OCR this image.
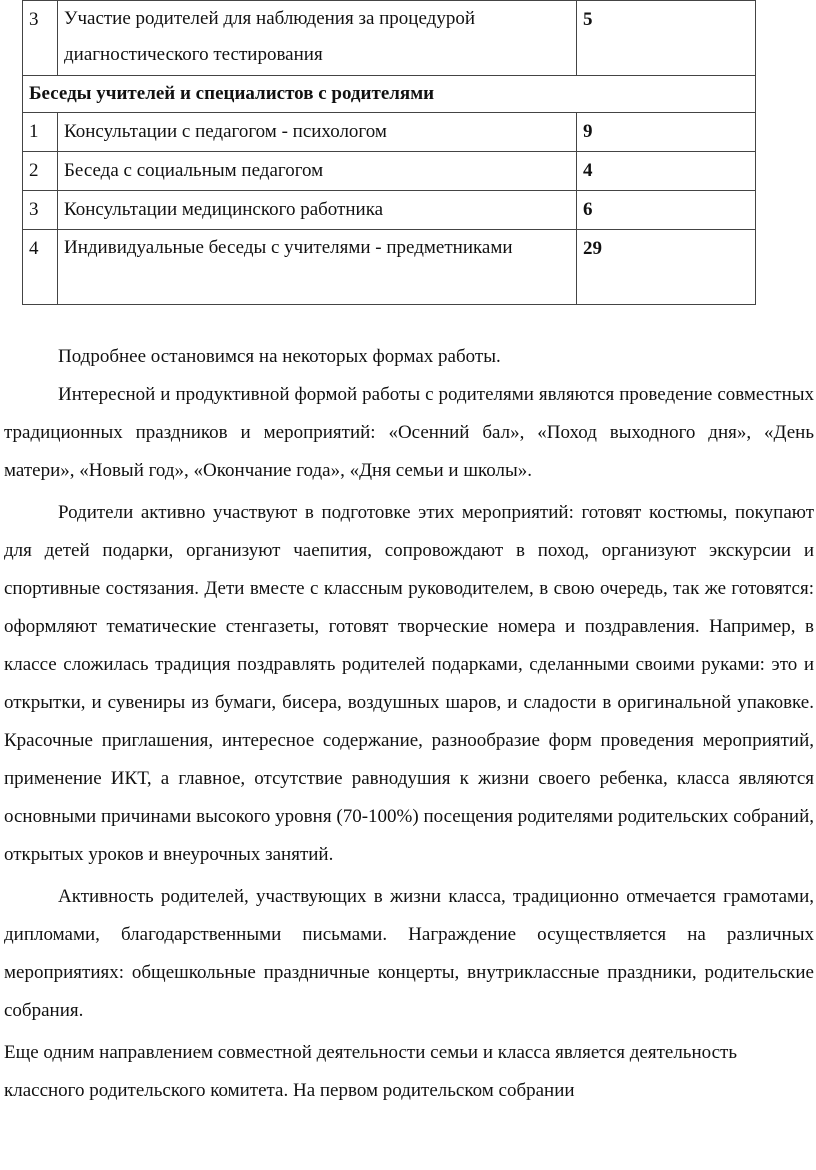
3	Участие родителей для наблюдения за процедурой диагностического тестирования	5
Беседы учителей и специалистов с родителями		
1	Консультации с педагогом - психологом	9
2	Беседа с социальным педагогом	4
3	Консультации медицинского работника	6
4	Индивидуальные беседы с учителями - предметниками	29

Подробнее остановимся на некоторых формах работы.

Интересной и продуктивной формой работы с родителями являются проведение совместных традиционных праздников и мероприятий: «Осенний бал», «Поход выходного дня», «День матери», «Новый год», «Окончание года», «Дня семьи и школы».

Родители активно участвуют в подготовке этих мероприятий: готовят костюмы, покупают для детей подарки, организуют чаепития, сопровождают в поход, организуют экскурсии и спортивные состязания. Дети вместе с классным руководителем, в свою очередь, так же готовятся: оформляют тематические стенгазеты, готовят творческие номера и поздравления. Например, в классе сложилась традиция поздравлять родителей подарками, сделанными своими руками: это и открытки, и сувениры из бумаги, бисера, воздушных шаров, и сладости в оригинальной упаковке. Красочные приглашения, интересное содержание, разнообразие форм проведения мероприятий, применение ИКТ, а главное, отсутствие равнодушия к жизни своего ребенка, класса являются основными причинами высокого уровня (70-100%) посещения родителями родительских собраний, открытых уроков и внеурочных занятий.

Активность родителей, участвующих в жизни класса, традиционно отмечается грамотами, дипломами, благодарственными письмами. Награждение осуществляется на различных мероприятиях: общешкольные праздничные концерты, внутриклассные праздники, родительские собрания.

Еще одним направлением совместной деятельности семьи и класса является деятельность классного родительского комитета. На первом родительском собрании
